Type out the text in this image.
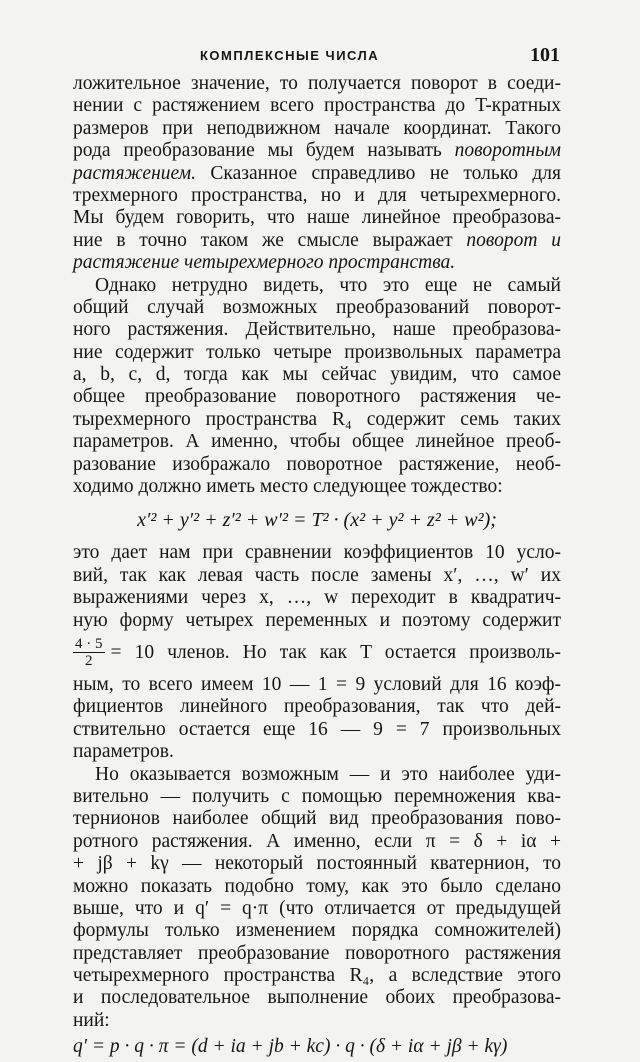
КОМПЛЕКСНЫЕ ЧИСЛА	101
ложительное значение, то получается поворот в соеди-
нении с растяжением всего пространства до T-кратных
размеров при неподвижном начале координат. Такого
рода преобразование мы будем называть поворотным
растяжением. Сказанное справедливо не только для
трехмерного пространства, но и для четырехмерного.
Мы будем говорить, что наше линейное преобразова-
ние в точно таком же смысле выражает поворот и
растяжение четырехмерного пространства.
Однако нетрудно видеть, что это еще не самый
общий случай возможных преобразований поворот-
ного растяжения. Действительно, наше преобразова-
ние содержит только четыре произвольных параметра
a, b, c, d, тогда как мы сейчас увидим, что самое
общее преобразование поворотного растяжения че-
тырехмерного пространства R₄ содержит семь таких
параметров. А именно, чтобы общее линейное преоб-
разование изображало поворотное растяжение, необ-
ходимо должно иметь место следующее тождество:
x′² + y′² + z′² + w′² = T² · (x² + y² + z² + w²);
это дает нам при сравнении коэффициентов 10 усло-
вий, так как левая часть после замены x′, …, w′ их
выражениями через x, …, w переходит в квадратич-
ную форму четырех переменных и поэтому содержит
$\frac{4 \cdot 5}{2} = 10$ членов. Но так как T остается произволь-
ным, то всего имеем 10 — 1 = 9 условий для 16 коэф-
фициентов линейного преобразования, так что дей-
ствительно остается еще 16 — 9 = 7 произвольных
параметров.
Но оказывается возможным — и это наиболее уди-
вительно — получить с помощью перемножения ква-
тернионов наиболее общий вид преобразования пово-
ротного растяжения. А именно, если π = δ + iα +
+ jβ + kγ — некоторый постоянный кватернион, то
можно показать подобно тому, как это было сделано
выше, что и q′ = q·π (что отличается от предыдущей
формулы только изменением порядка сомножителей)
представляет преобразование поворотного растяжения
четырехмерного пространства R₄, а вследствие этого
и последовательное выполнение обоих преобразова-
ний:
q′ = p · q · π = (d + ia + jb + kc) · q · (δ + iα + jβ + kγ)
